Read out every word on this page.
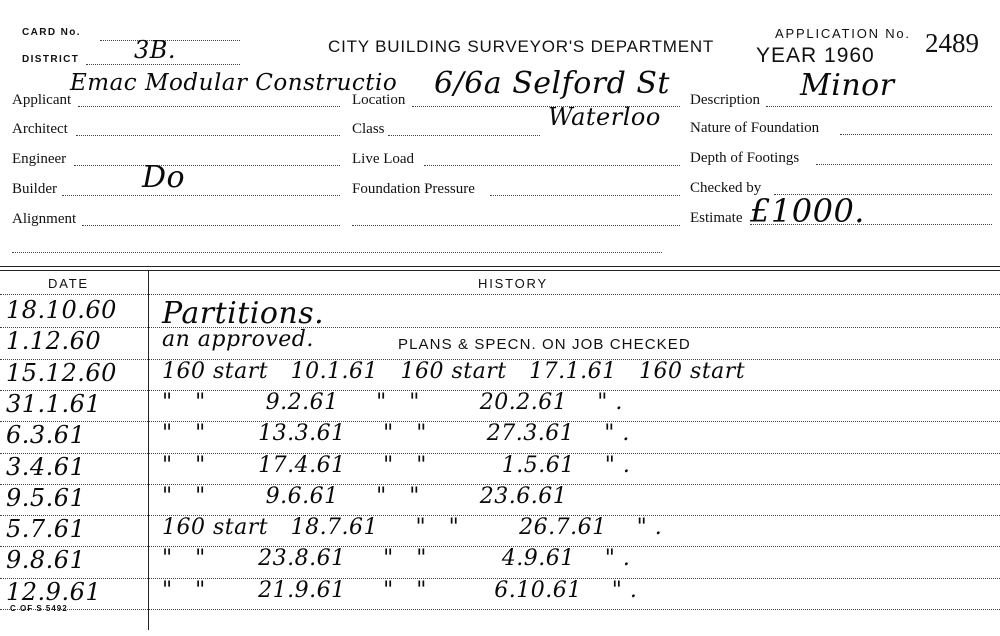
CARD No.
DISTRICT 3B.	CITY BUILDING SURVEYOR'S DEPARTMENT
APPLICATION No.
YEAR 1960 2489
Applicant
Emac Modular Constructio
Location 6/6a Selford St
Waterloo
Description Minor
Architect	Class	Nature of Foundation
Engineer	Live Load	Depth of Footings
Builder	Do	Foundation Pressure	Checked by
Alignment	Estimate £1000.
DATE	HISTORY
18.10.60 Partitions.
1.12.60	an approved.	PLANS & SPECN. ON JOB CHECKED
15.12.60 160 start   10.1.61   160 start   17.1.61   160 start
31.1.61	"   "        9.2.61     "   "        20.2.61    " .
6.3.61	"   "       13.3.61     "   "        27.3.61    " .
3.4.61	"   "       17.4.61     "   "          1.5.61    " .
9.5.61	"   "        9.6.61     "   "        23.6.61
5.7.61	160 start   18.7.61     "   "        26.7.61    " .
9.8.61	"   "       23.8.61     "   "          4.9.61    " .
12.9.61	"   "       21.9.61     "   "         6.10.61    " .
C OF S 5492
